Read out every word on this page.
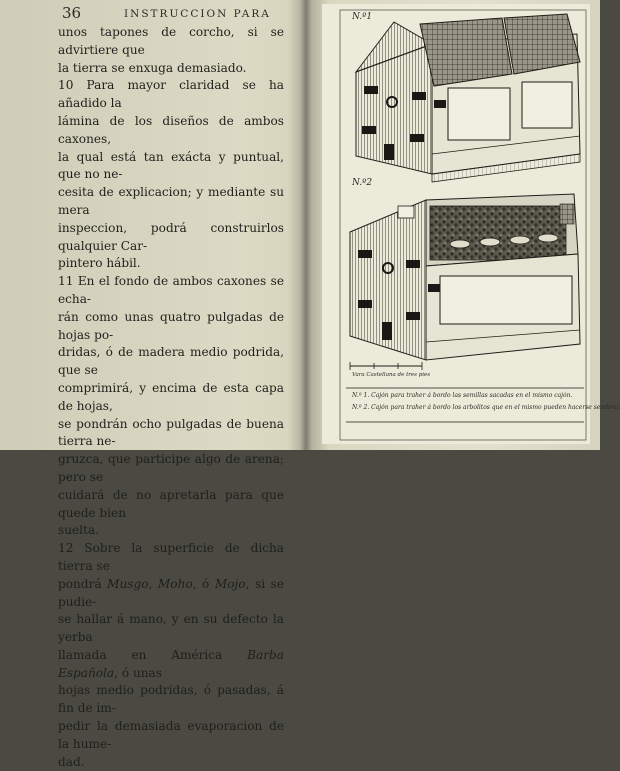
36	INSTRUCCION PARA

unos tapones de corcho, si se advirtiere que

la tierra se enxuga demasiado.

10 Para mayor claridad se ha añadido la

lámina de los diseños de ambos caxones,

la qual está tan exácta y puntual, que no ne-

cesita de explicacion; y mediante su mera

inspeccion, podrá construirlos qualquier Car-

pintero hábil.

11 En el fondo de ambos caxones se echa-

rán como unas quatro pulgadas de hojas po-

dridas, ó de madera medio podrida, que se

comprimirá, y encima de esta capa de hojas,

se pondrán ocho pulgadas de buena tierra ne-

gruzca, que participe algo de arena; pero se

cuidará de no apretarla para que quede bien

suelta.

12 Sobre la superficie de dicha tierra se

pondrá Musgo, Moho, ó Mojo, si se pudie-

se hallar á mano, y en su defecto la yerba

llamada en América Barba Española, ó unas

hojas medio podridas, ó pasadas, á fin de im-

pedir la demasiada evaporacion de la hume-

dad.

N.º1
N.º2
Vara Castellana de tres pies
N.º 1. Cajón para traher á bordo las semillas sacadas en el mismo cajón.
N.º 2. Cajón para traher á bordo los arbolitos que en el mismo pueden hacerse sembrar.
